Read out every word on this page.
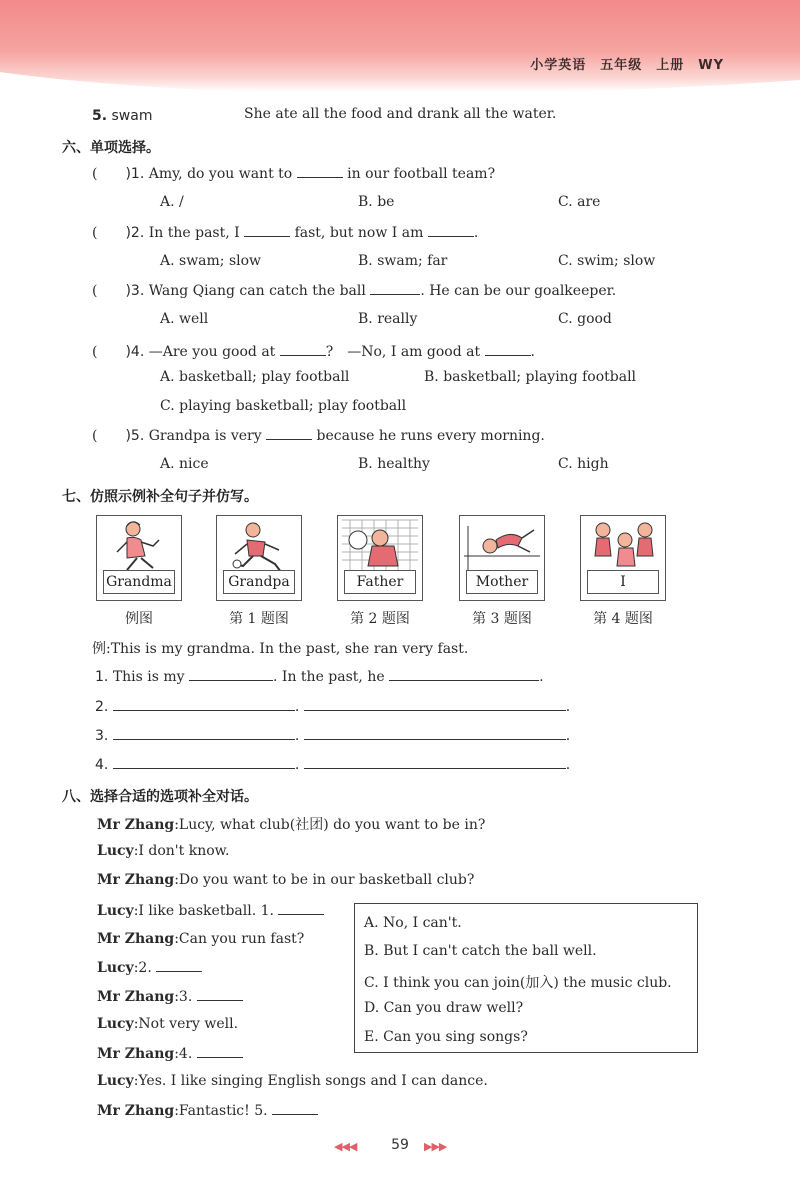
小学英语　五年级　上册　WY
5. swam	She ate all the food and drank all the water.
六、单项选择。
( )1. Amy, do you want to	in our football team?
A. /	B. be	C. are
( )2. In the past, I	fast, but now I am	.
A. swam; slow	B. swam; far	C. swim; slow
( )3. Wang Qiang can catch the ball	. He can be our goalkeeper.
A. well	B. really	C. good
( )4. —Are you good at	?　—No, I am good at	.
A. basketball; play football	B. basketball; playing football
C. playing basketball; play football
( )5. Grandpa is very	because he runs every morning.
A. nice	B. healthy	C. high
七、仿照示例补全句子并仿写。
Grandma	Grandpa	Father	Mother	I
例图	第 1 题图	第 2 题图	第 3 题图	第 4 题图
例:This is my grandma. In the past, she ran very fast.
1. This is my	. In the past, he	.
2.	.	.
3.	.	.
4.	.	.
八、选择合适的选项补全对话。
Mr Zhang:Lucy, what club(社团) do you want to be in?
Lucy:I don't know.
Mr Zhang:Do you want to be in our basketball club?
Lucy:I like basketball. 1.
Mr Zhang:Can you run fast?
Lucy:2.
Mr Zhang:3.
Lucy:Not very well.
Mr Zhang:4.
Lucy:Yes. I like singing English songs and I can dance.
Mr Zhang:Fantastic! 5.
A. No, I can't.
B. But I can't catch the ball well.
C. I think you can join(加入) the music club.
D. Can you draw well?
E. Can you sing songs?
◀◀◀	59	▶▶▶
